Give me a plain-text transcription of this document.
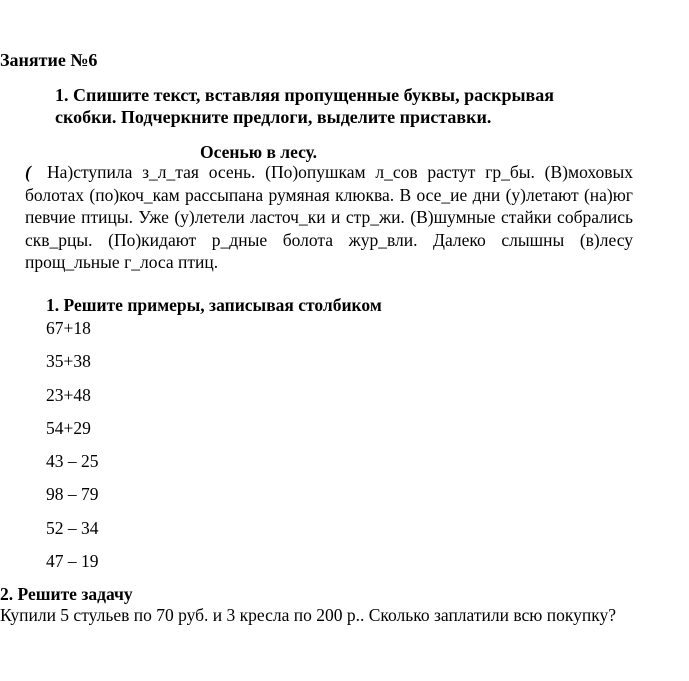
Занятие №6
1. Спишите текст, вставляя пропущенные буквы, раскрывая
скобки. Подчеркните предлоги, выделите приставки.
Осенью в лесу.
( На)ступила з_л_тая осень. (По)опушкам л_сов растут гр_бы. (В)моховых болотах (по)коч_кам рассыпана румяная клюква. В осе_ие дни (у)летают (на)юг певчие птицы. Уже (у)летели ласточ_ки и стр_жи. (В)шумные стайки собрались скв_рцы. (По)кидают р_дные болота жур_вли. Далеко слышны (в)лесу прощ_льные г_лоса птиц.
1. Решите примеры, записывая столбиком
67+18
35+38
23+48
54+29
43 – 25
98 – 79
52 – 34
47 – 19
2. Решите задачу
Купили 5 стульев по 70 руб. и 3 кресла по 200 р.. Сколько заплатили всю покупку?
